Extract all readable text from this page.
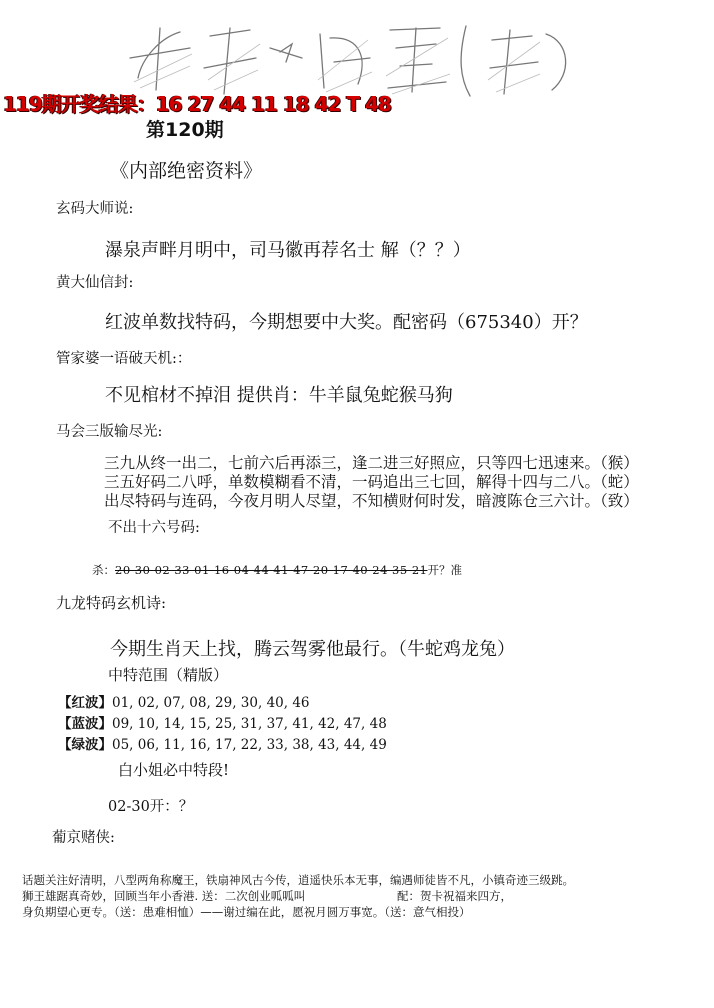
119期开奖结果：16 27 44 11 18 42 T 48
第120期
《内部绝密资料》
玄码大师说:
瀑泉声畔月明中，司马徽再荐名士 解（？？）
黄大仙信封:
红波单数找特码，今期想要中大奖。配密码（675340）开？
管家婆一语破天机:：
不见棺材不掉泪 提供肖：牛羊鼠兔蛇猴马狗
马会三版输尽光:
三九从终一出二，七前六后再添三，逢二进三好照应，只等四七迅速来。（猴）
三五好码二八呼，单数模糊看不清，一码追出三七回，解得十四与二八。（蛇）
出尽特码与连码，今夜月明人尽望，不知横财何时发，暗渡陈仓三六计。（致）
不出十六号码:
杀：20 30 02 33 01 16 04 44 41 47 20 17 40 24 35 21开？准
九龙特码玄机诗:
今期生肖天上找，腾云驾雾他最行。（牛蛇鸡龙兔）
中特范围（精版）
【红波】01, 02, 07, 08, 29, 30, 40, 46
【蓝波】09, 10, 14, 15, 25, 31, 37, 41, 42, 47, 48
【绿波】05, 06, 11, 16, 17, 22, 33, 38, 43, 44, 49
白小姐必中特段!
02-30开：？
葡京赌侠:
话题关注好清明，八型两角称魔王，铁扇神风古今传，逍遥快乐本无事，编遇师徒皆不凡，小镇奇迹三级跳。
狮王雄踞真奇妙，回顾当年小香港. 送：二次创业呱呱叫	配：贺卡祝福来四方，
身负期望心更专。（送：患难相恤）——谢过编在此，愿祝月圆万事宽。（送：意气相投）
